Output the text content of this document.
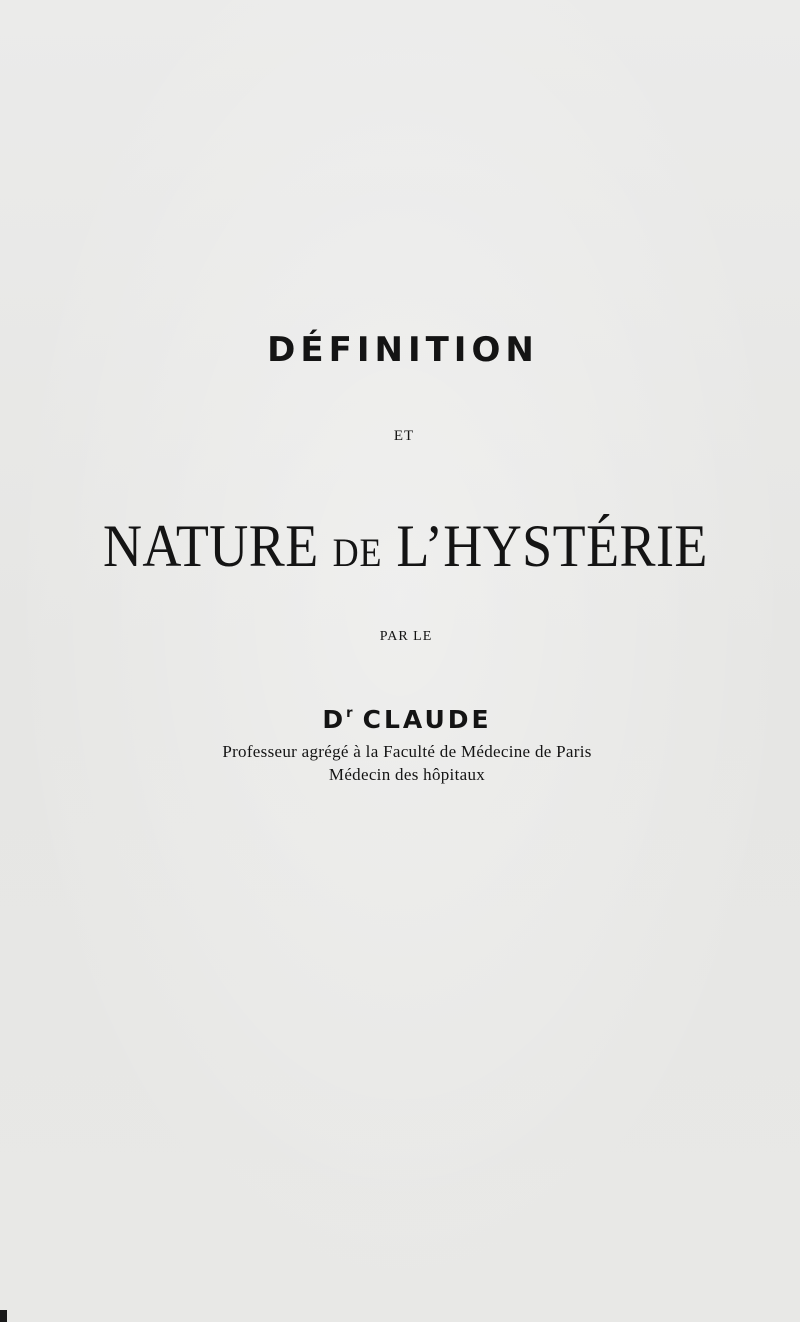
DÉFINITION
ET
NATURE DE L’HYSTÉRIE
PAR LE
$D^r$ CLAUDE
Professeur agrégé à la Faculté de Médecine de Paris
Médecin des hôpitaux
